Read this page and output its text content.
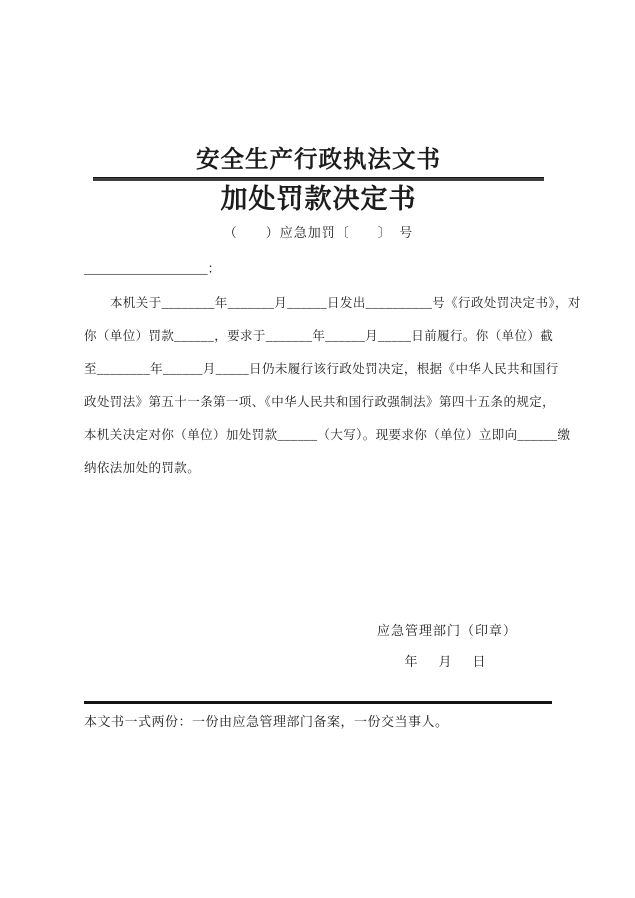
安全生产行政执法文书
加处罚款决定书
（　　）应急加罚〔　　〕　号
___________________：
本机关于________年_______月______日发出__________号《行政处罚决定书》，对
你（单位）罚款______，要求于_______年______月_____日前履行。你（单位）截
至________年______月_____日仍未履行该行政处罚决定，根据《中华人民共和国行
政处罚法》第五十一条第一项、《中华人民共和国行政强制法》第四十五条的规定，
本机关决定对你（单位）加处罚款______（大写）。现要求你（单位）立即向______缴
纳依法加处的罚款。
应急管理部门（印章）
年　月　日
本文书一式两份：一份由应急管理部门备案，一份交当事人。
